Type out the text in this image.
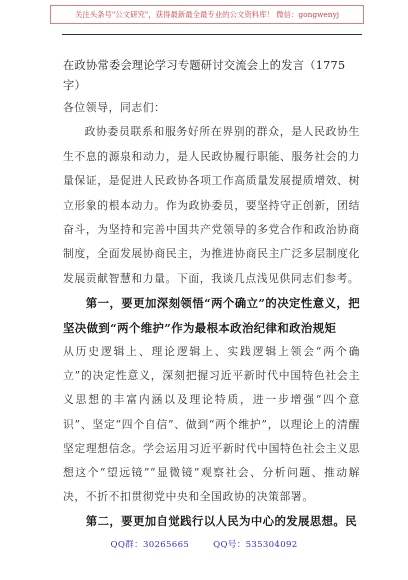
关注头条号"公文研究"，获得最新最全最专业的公文资料库！ 微信：gongwenyj

在政协常委会理论学习专题研讨交流会上的发言（1775字）

各位领导，同志们：

政协委员联系和服务好所在界别的群众，是人民政协生生不息的源泉和动力，是人民政协履行职能、服务社会的力量保证，是促进人民政协各项工作高质量发展提质增效、树立形象的根本动力。作为政协委员，要坚持守正创新，团结奋斗，为坚持和完善中国共产党领导的多党合作和政治协商制度，全面发展协商民主，为推进协商民主广泛多层制度化发展贡献智慧和力量。下面，我谈几点浅见供同志们参考。

第一，要更加深刻领悟“两个确立”的决定性意义，把坚决做到“两个维护”作为最根本政治纪律和政治规矩

从历史逻辑上、理论逻辑上、实践逻辑上领会“两个确立”的决定性意义，深刻把握习近平新时代中国特色社会主义思想的丰富内涵以及理论特质，进一步增强“四个意识”、坚定“四个自信”、做到“两个维护”，以理论上的清醒坚定理想信念。学会运用习近平新时代中国特色社会主义思想这个“望远镜”“显微镜”观察社会、分析问题、推动解决，不折不扣贯彻党中央和全国政协的决策部署。

第二，要更加自觉践行以人民为中心的发展思想。民

QQ群：30265665	QQ号：535304092
